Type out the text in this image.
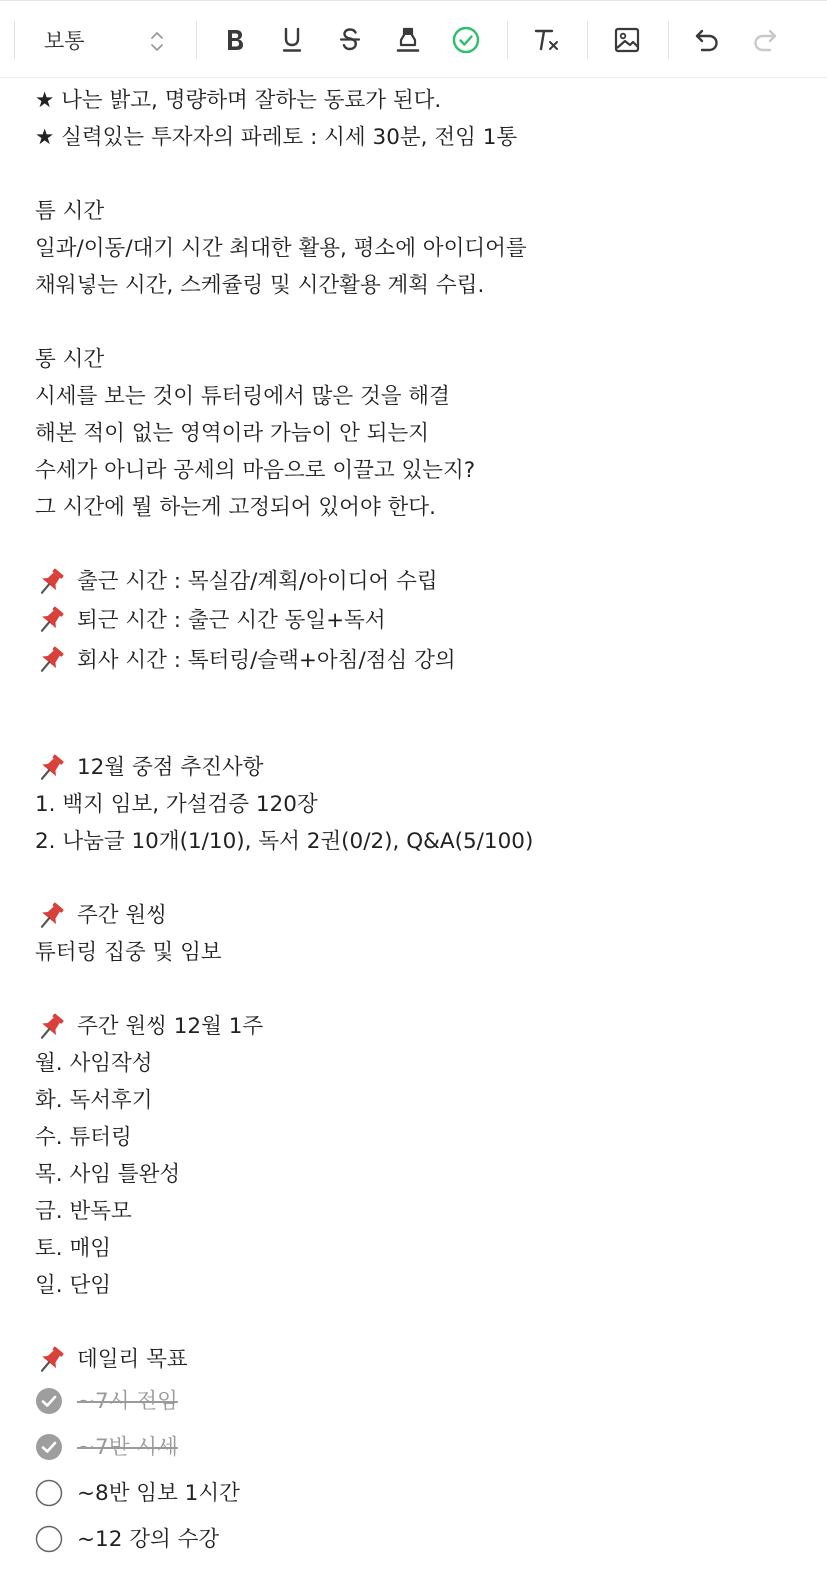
보통
★ 나는 밝고, 명량하며 잘하는 동료가 된다.
★ 실력있는 투자자의 파레토 : 시세 30분, 전임 1통
틈 시간
일과/이동/대기 시간 최대한 활용, 평소에 아이디어를
채워넣는 시간, 스케쥴링 및 시간활용 계획 수립.
통 시간
시세를 보는 것이 튜터링에서 많은 것을 해결
해본 적이 없는 영역이라 가늠이 안 되는지
수세가 아니라 공세의 마음으로 이끌고 있는지?
그 시간에 뭘 하는게 고정되어 있어야 한다.
출근 시간 : 목실감/계획/아이디어 수립
퇴근 시간 : 출근 시간 동일+독서
회사 시간 : 톡터링/슬랙+아침/점심 강의
12월 중점 추진사항
1. 백지 임보, 가설검증 120장
2. 나눔글 10개(1/10), 독서 2권(0/2), Q&A(5/100)
주간 원씽
튜터링 집중 및 임보
주간 원씽 12월 1주
월. 사임작성
화. 독서후기
수. 튜터링
목. 사임 틀완성
금. 반독모
토. 매임
일. 단임
데일리 목표
~7시 전임
~7반 시세
~8반 임보 1시간
~12 강의 수강
